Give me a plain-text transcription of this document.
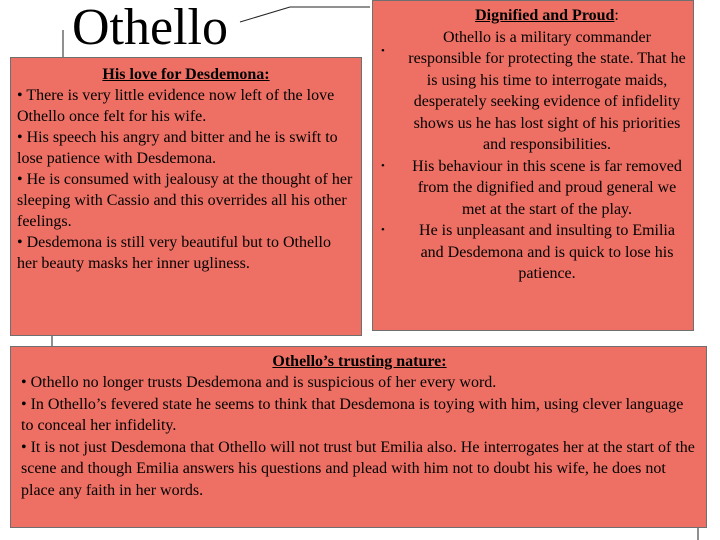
Othello
His love for Desdemona:

• There is very little evidence now left of the love Othello once felt for his wife.

• His speech his angry and bitter and he is swift to lose patience with Desdemona.

• He is consumed with jealousy at the thought of her sleeping with Cassio and this overrides all his other feelings.

• Desdemona is still very beautiful but to Othello her beauty masks her inner ugliness.

Dignified and Proud:
•
Othello is a military commander responsible for protecting the state. That he is using his time to interrogate maids, desperately seeking evidence of infidelity shows us he has lost sight of his priorities and responsibilities.
• His behaviour in this scene is far removed from the dignified and proud general we met at the start of the play.
• He is unpleasant and insulting to Emilia and Desdemona and is quick to lose his patience.
Othello’s trusting nature:

• Othello no longer trusts Desdemona and is suspicious of her every word.

• In Othello’s fevered state he seems to think that Desdemona is toying with him, using clever language to conceal her infidelity.

• It is not just Desdemona that Othello will not trust but Emilia also. He interrogates her at the start of the scene and though Emilia answers his questions and plead with him not to doubt his wife, he does not place any faith in her words.
